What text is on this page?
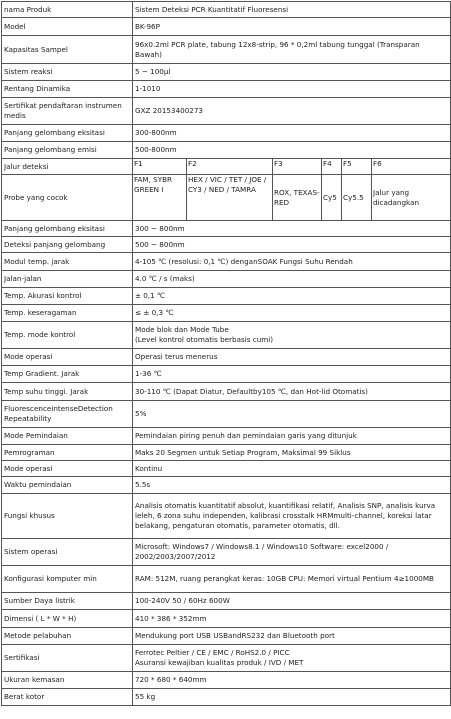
nama Produk	Sistem Deteksi PCR Kuantitatif Fluoresensi					
Model	BK-96P					
Kapasitas Sampel	96x0.2ml PCR plate, tabung 12x8-strip, 96 * 0,2ml tabung tunggal (Transparan Bawah)					
Sistem reaksi	5 ~ 100μl					
Rentang Dinamika	1-1010					
Sertifikat pendaftaran instrumen medis	GXZ 20153400273					
Panjang gelombang eksitasi	300-800nm					
Panjang gelombang emisi	500-800nm					
Jalur deteksi	F1	F2	F3	F4	F5	F6
Probe yang cocok	FAM, SYBR GREEN I	HEX / VIC / TET / JOE / CY3 / NED / TAMRA	ROX, TEXAS-RED	Cy5	Cy5.5	Jalur yang dicadangkan
Panjang gelombang eksitasi	300 ~ 800nm					
Deteksi panjang gelombang	500 ~ 800nm					
Modul temp. jarak	4-105 ℃ (resolusi: 0,1 ℃) denganSOAK Fungsi Suhu Rendah					
Jalan-jalan	4.0 ℃ / s (maks)					
Temp. Akurasi kontrol	± 0,1 ℃					
Temp. keseragaman	≤ ± 0,3 ℃					
Temp. mode kontrol	Mode blok dan Mode Tube
(Level kontrol otomatis berbasis cumi)					

Mode operasi	Operasi terus menerus					
Temp Gradient. Jarak	1-36 ℃					
Temp suhu tinggi. Jarak	30-110 ℃ (Dapat Diatur, Defaultby105 ℃, dan Hot-lid Otomatis)					
FluorescenceintenseDetection Repeatability	5%					
Mode Pemindaian	Pemindaian piring penuh dan pemindaian garis yang ditunjuk					
Pemrograman	Maks 20 Segmen untuk Setiap Program, Maksimal 99 Siklus					
Mode operasi	Kontinu					
Waktu pemindaian	5.5s					
Fungsi khusus	Analisis otomatis kuantitatif absolut, kuantifikasi relatif, Analisis SNP, analisis kurva leleh, 6 zona suhu independen, kalibrasi crosstalk HRMmulti-channel, koreksi latar belakang, pengaturan otomatis, parameter otomatis, dll.					
Sistem operasi	Microsoft: Windows7 / Windows8.1 / Windows10 Software: excel2000 / 2002/2003/2007/2012					
Konfigurasi komputer min	RAM: 512M, ruang perangkat keras: 10GB CPU: Memori virtual Pentium 4≥1000MB					
Sumber Daya listrik	100-240V 50 / 60Hz 600W					
Dimensi ( L * W * H)	410 * 386 * 352mm					
Metode pelabuhan	Mendukung port USB USBandRS232 dan Bluetooth port					
Sertifikasi	Ferrotec Peltier / CE / EMC / RoHS2.0 / PICC
Asuransi kewajiban kualitas produk / IVD / MET					

Ukuran kemasan	720 * 680 * 640mm					
Berat kotor	55 kg					
